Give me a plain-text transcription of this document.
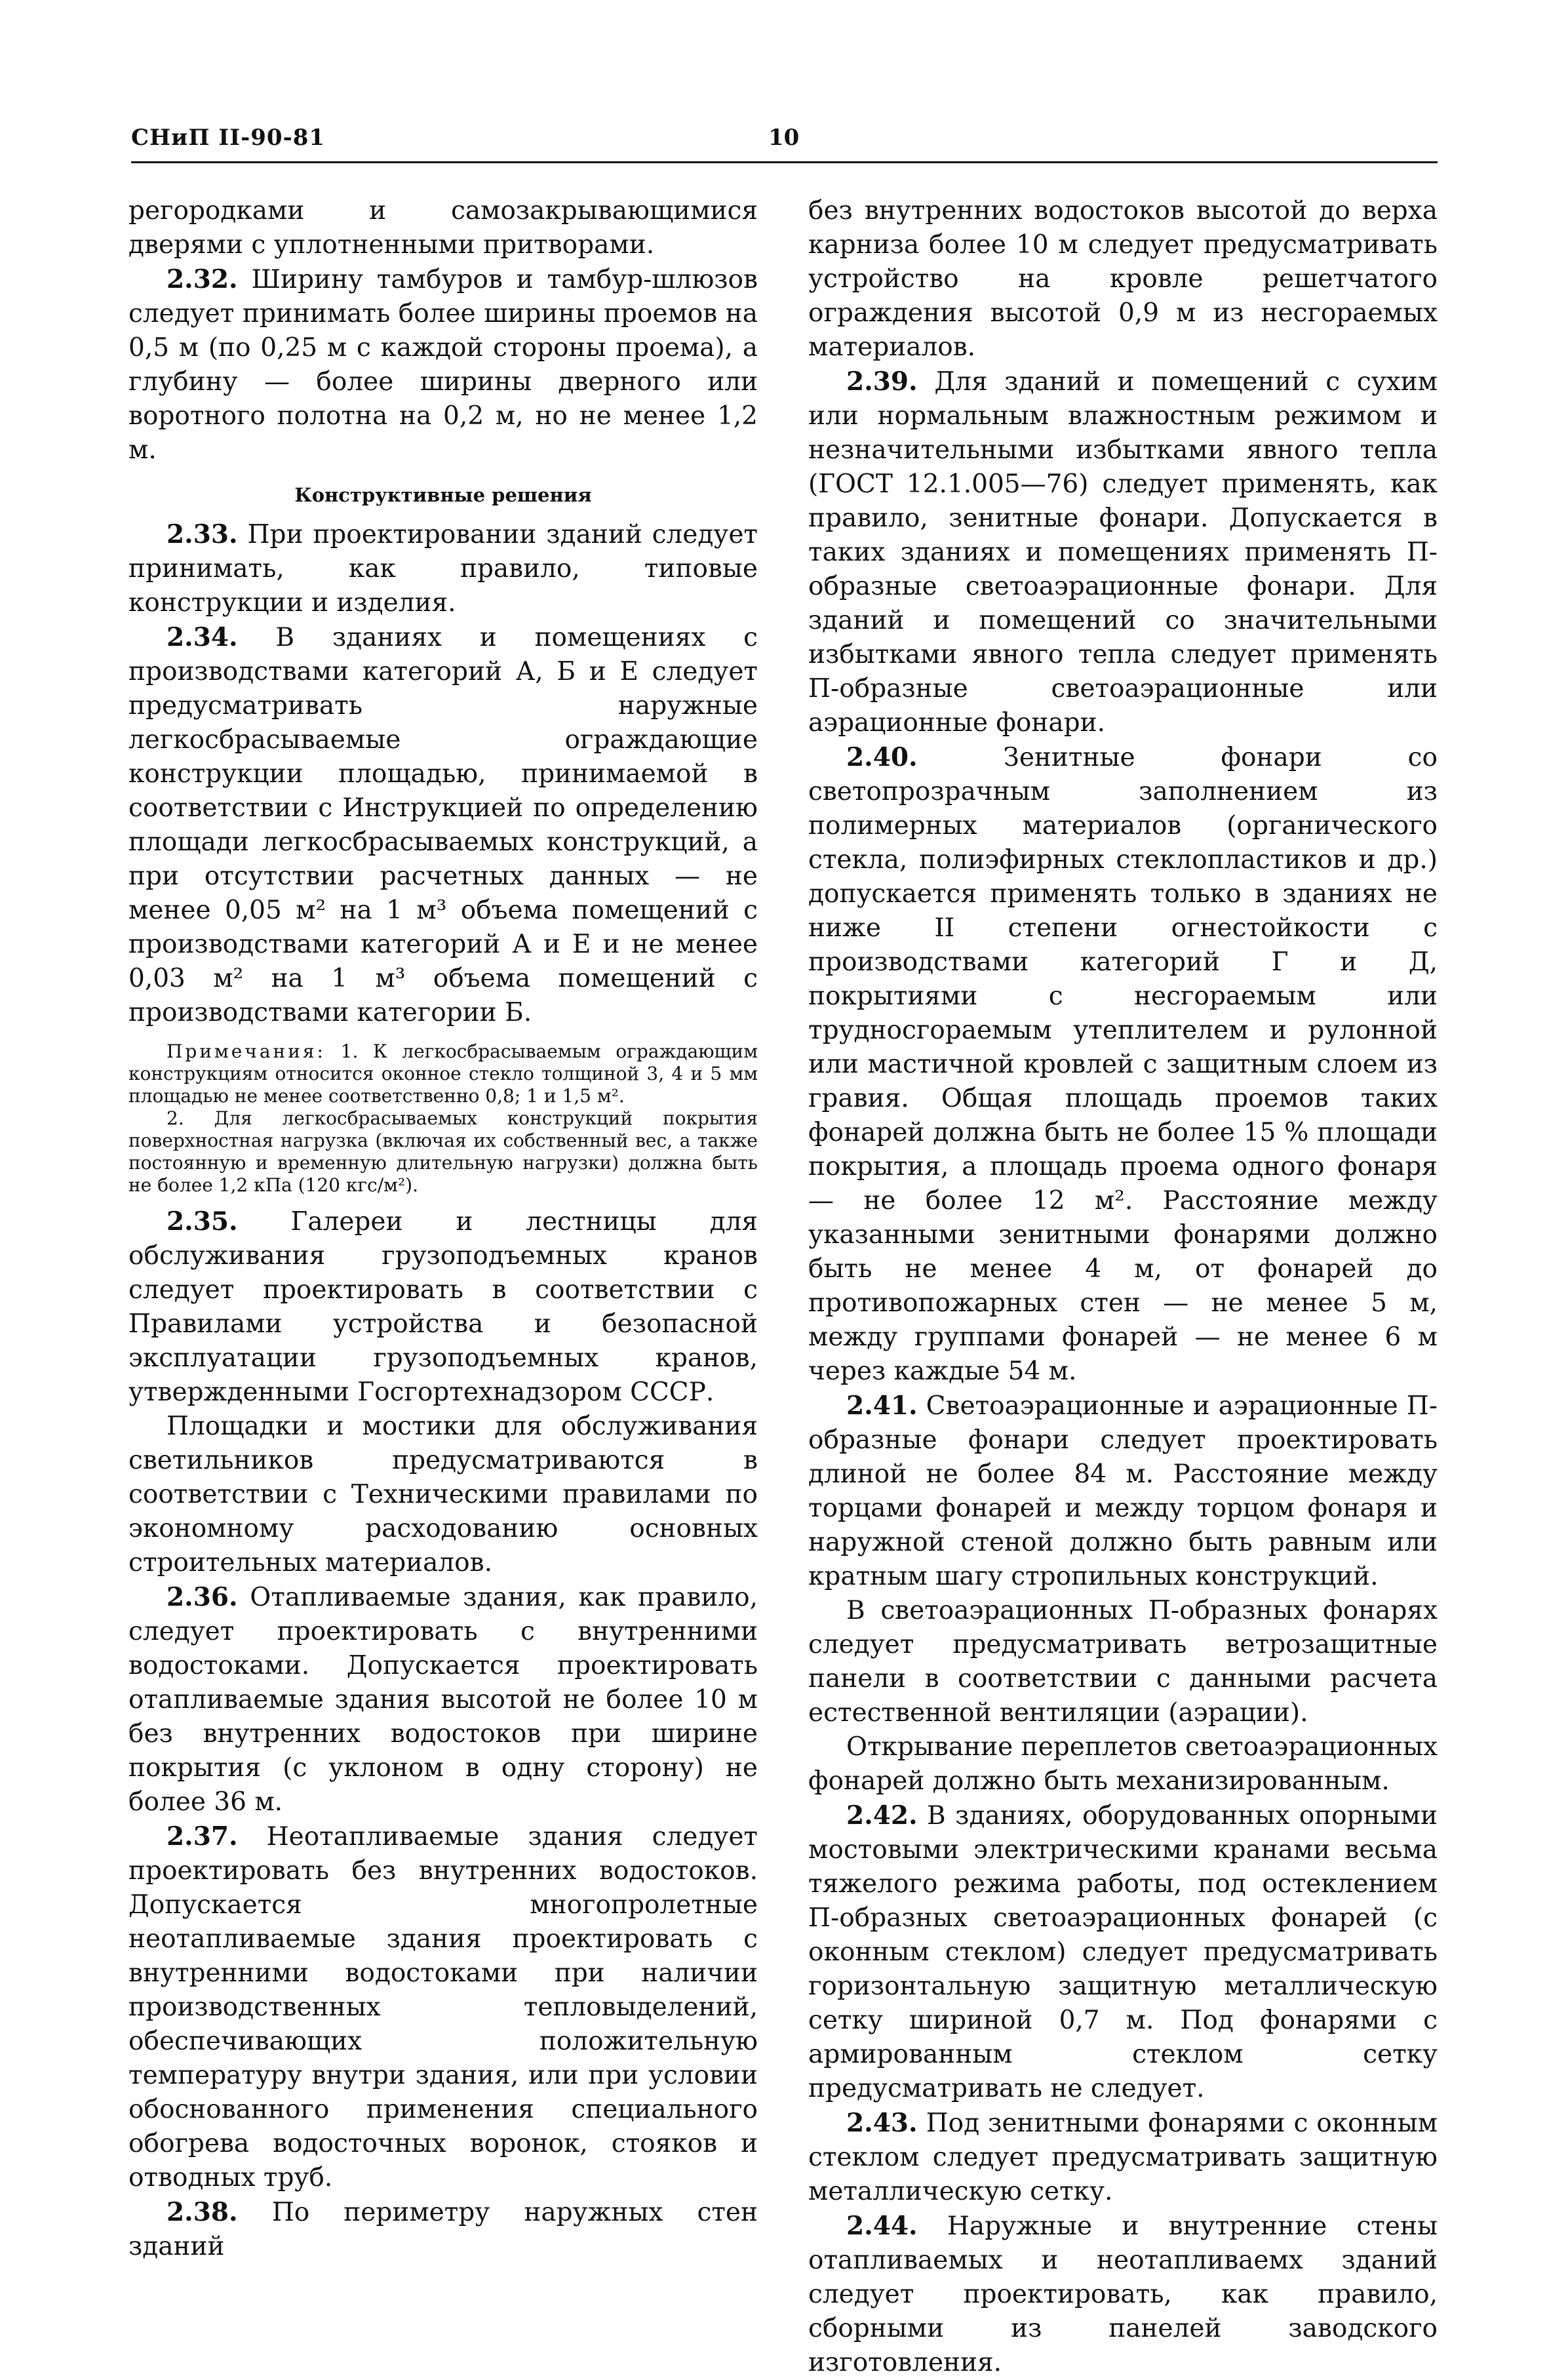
СНиП II-90-81	10

регородками и самозакрывающимися дверями с уплотненными притворами.

2.32. Ширину тамбуров и тамбур-шлюзов следует принимать более ширины проемов на 0,5 м (по 0,25 м с каждой стороны проема), а глубину — более ширины дверного или воротного полотна на 0,2 м, но не менее 1,2 м.

Конструктивные решения

2.33. При проектировании зданий следует принимать, как правило, типовые конструкции и изделия.

2.34. В зданиях и помещениях с производствами категорий А, Б и Е следует предусматривать наружные легкосбрасываемые ограждающие конструкции площадью, принимаемой в соответствии с Инструкцией по определению площади легкосбрасываемых конструкций, а при отсутствии расчетных данных — не менее 0,05 м² на 1 м³ объема помещений с производствами категорий А и Е и не менее 0,03 м² на 1 м³ объема помещений с производствами категории Б.

Примечания: 1. К легкосбрасываемым ограждающим конструкциям относится оконное стекло толщиной 3, 4 и 5 мм площадью не менее соответственно 0,8; 1 и 1,5 м².

2. Для легкосбрасываемых конструкций покрытия поверхностная нагрузка (включая их собственный вес, а также постоянную и временную длительную нагрузки) должна быть не более 1,2 кПа (120 кгс/м²).

2.35. Галереи и лестницы для обслуживания грузоподъемных кранов следует проектировать в соответствии с Правилами устройства и безопасной эксплуатации грузоподъемных кранов, утвержденными Госгортехнадзором СССР.

Площадки и мостики для обслуживания светильников предусматриваются в соответствии с Техническими правилами по экономному расходованию основных строительных материалов.

2.36. Отапливаемые здания, как правило, следует проектировать с внутренними водостоками. Допускается проектировать отапливаемые здания высотой не более 10 м без внутренних водостоков при ширине покрытия (с уклоном в одну сторону) не более 36 м.

2.37. Неотапливаемые здания следует проектировать без внутренних водостоков. Допускается многопролетные неотапливаемые здания проектировать с внутренними водостоками при наличии производственных тепловыделений, обеспечивающих положительную температуру внутри здания, или при условии обоснованного применения специального обогрева водосточных воронок, стояков и отводных труб.

2.38. По периметру наружных стен зданий

без внутренних водостоков высотой до верха карниза более 10 м следует предусматривать устройство на кровле решетчатого ограждения высотой 0,9 м из несгораемых материалов.

2.39. Для зданий и помещений с сухим или нормальным влажностным режимом и незначительными избытками явного тепла (ГОСТ 12.1.005—76) следует применять, как правило, зенитные фонари. Допускается в таких зданиях и помещениях применять П-образные светоаэрационные фонари. Для зданий и помещений со значительными избытками явного тепла следует применять П-образные светоаэрационные или аэрационные фонари.

2.40.	Зенитные фонари со светопрозрачным заполнением из полимерных материалов (органического стекла, полиэфирных стеклопластиков и др.) допускается применять только в зданиях не ниже II степени огнестойкости с производствами категорий Г и Д, покрытиями с несгораемым или трудносгораемым утеплителем и рулонной или мастичной кровлей с защитным слоем из гравия. Общая площадь проемов таких фонарей должна быть не более 15 % площади покрытия, а площадь проема одного фонаря — не более 12 м². Расстояние между указанными зенитными фонарями должно быть не менее 4 м, от фонарей до противопожарных стен — не менее 5 м, между группами фонарей — не менее 6 м через каждые 54 м.

2.41. Светоаэрационные и аэрационные П-образные фонари следует проектировать длиной не более 84 м. Расстояние между торцами фонарей и между торцом фонаря и наружной стеной должно быть равным или кратным шагу стропильных конструкций.

В светоаэрационных П-образных фонарях следует предусматривать ветрозащитные панели в соответствии с данными расчета естественной вентиляции (аэрации).

Открывание переплетов светоаэрационных фонарей должно быть механизированным.

2.42. В зданиях, оборудованных опорными мостовыми электрическими кранами весьма тяжелого режима работы, под остеклением П-образных светоаэрационных фонарей (с оконным стеклом) следует предусматривать горизонтальную защитную металлическую сетку шириной 0,7 м. Под фонарями с армированным стеклом сетку предусматривать не следует.

2.43. Под зенитными фонарями с оконным стеклом следует предусматривать защитную металлическую сетку.

2.44. Наружные и внутренние стены отапливаемых и неотапливаемх зданий следует проектировать, как правило, сборными из панелей заводского изготовления.
